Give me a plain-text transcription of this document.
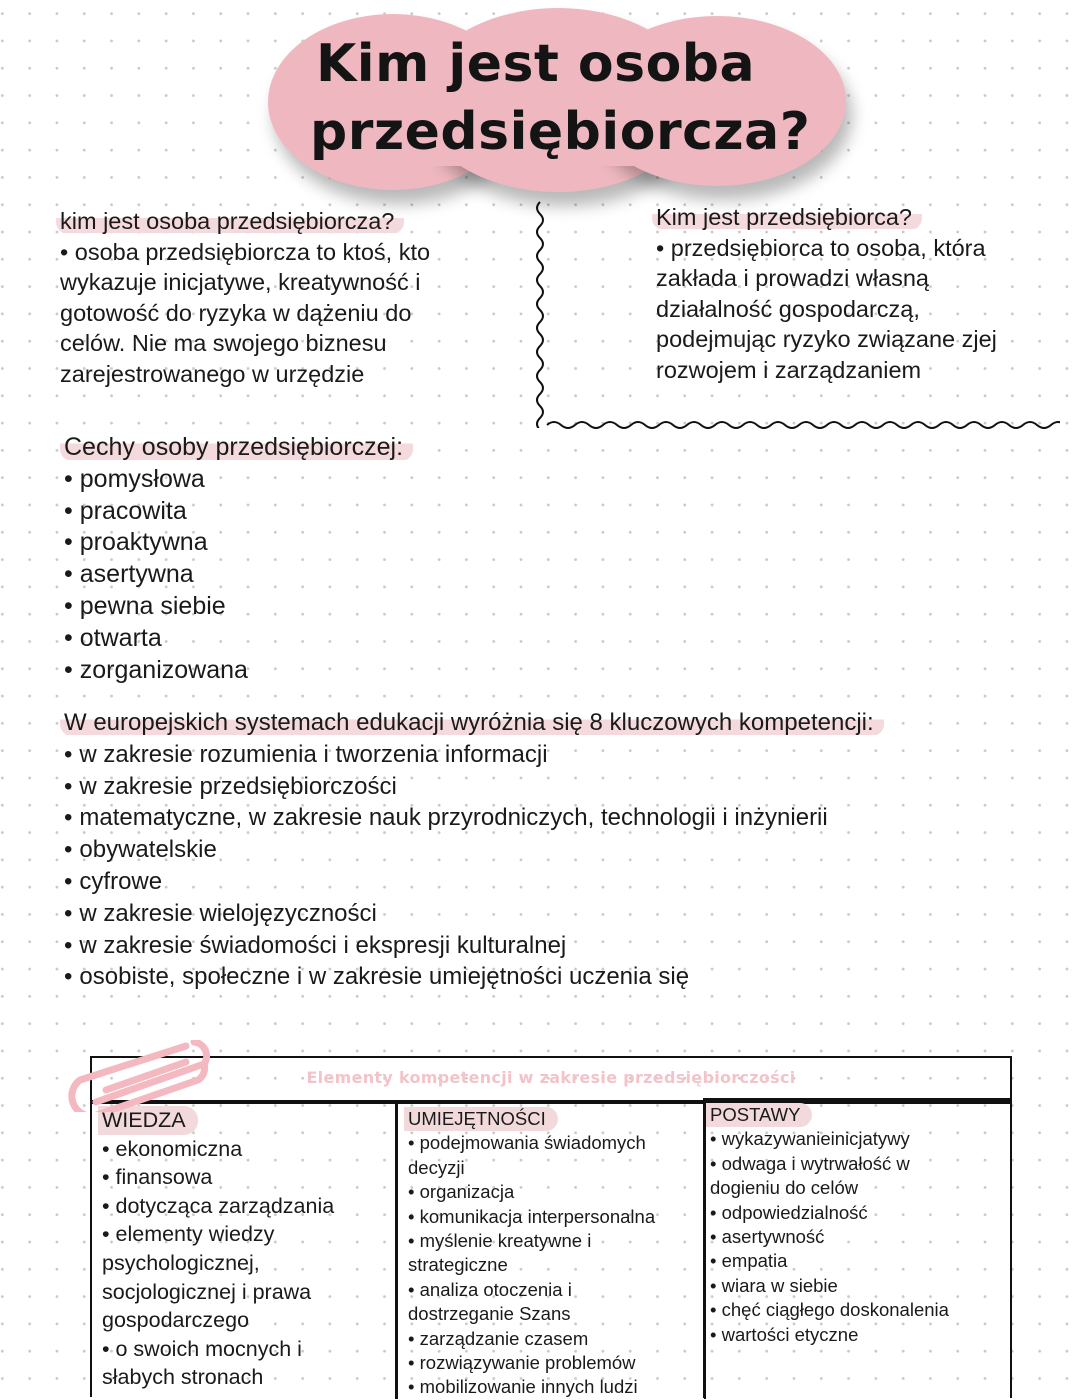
Kim jest osoba
przedsiębiorcza?
kim jest osoba przedsiębiorcza?
• osoba przedsiębiorcza to ktoś, kto
wykazuje inicjatywe, kreatywność i
gotowość do ryzyka w dążeniu do
celów. Nie ma swojego biznesu
zarejestrowanego w urzędzie
Kim jest przedsiębiorca?
• przedsiębiorca to osoba, która
zakłada i prowadzi własną
działalność gospodarczą,
podejmując ryzyko związane zjej
rozwojem i zarządzaniem
Cechy osoby przedsiębiorczej:
• pomysłowa
• pracowita
• proaktywna
• asertywna
• pewna siebie
• otwarta
• zorganizowana
W europejskich systemach edukacji wyróżnia się 8 kluczowych kompetencji:
• w zakresie rozumienia i tworzenia informacji
• w zakresie przedsiębiorczości
• matematyczne, w zakresie nauk przyrodniczych, technologii i inżynierii
• obywatelskie
• cyfrowe
• w zakresie wielojęzyczności
• w zakresie świadomości i ekspresji kulturalnej
• osobiste, społeczne i w zakresie umiejętności uczenia się
Elementy kompetencji w zakresie przedsiębiorczości
WIEDZA
• ekonomiczna
• finansowa
• dotycząca zarządzania
• elementy wiedzy
psychologicznej,
socjologicznej i prawa
gospodarczego
• o swoich mocnych i
słabych stronach
UMIEJĘTNOŚCI
• podejmowania świadomych
decyzji
• organizacja
• komunikacja interpersonalna
• myślenie kreatywne i
strategiczne
• analiza otoczenia i
dostrzeganie Szans
• zarządzanie czasem
• rozwiązywanie problemów
• mobilizowanie innych ludzi
POSTAWY
• wykazywanieinicjatywy
• odwaga i wytrwałość w
dogieniu do celów
• odpowiedzialność
• asertywność
• empatia
• wiara w siebie
• chęć ciągłego doskonalenia
• wartości etyczne
